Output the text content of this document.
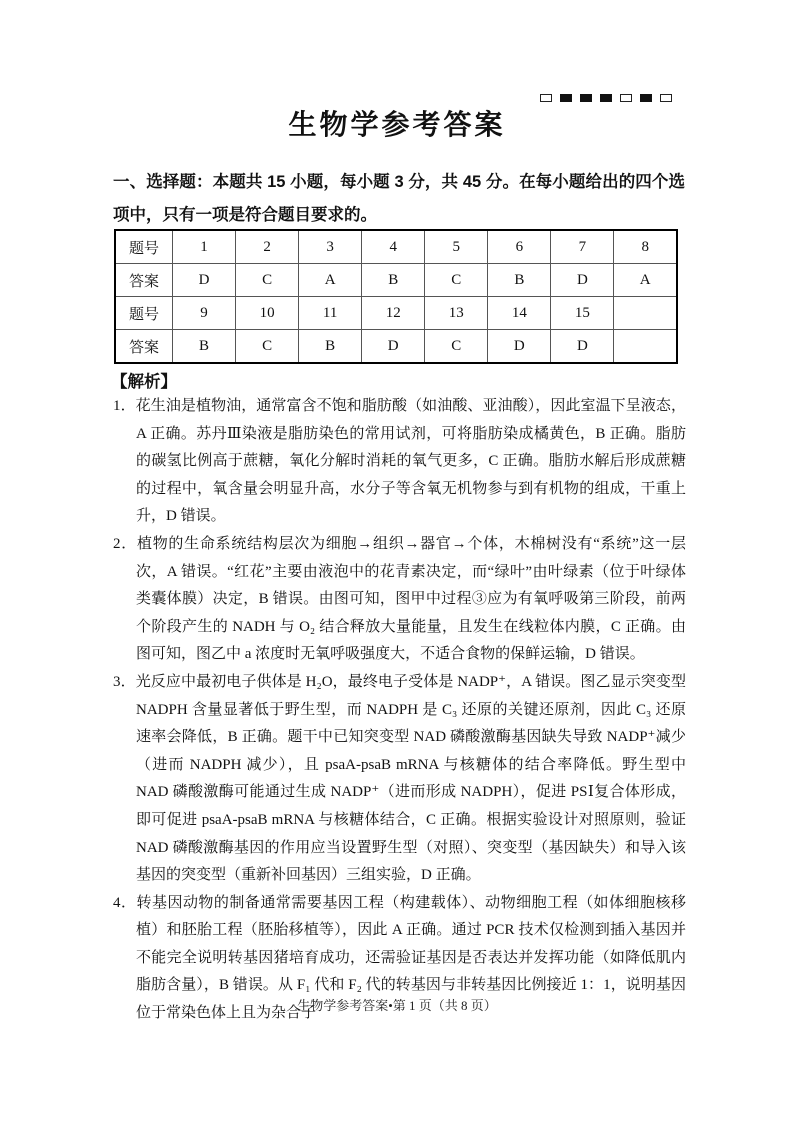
生物学参考答案
一、选择题：本题共 15 小题，每小题 3 分，共 45 分。在每小题给出的四个选项中，只有一项是符合题目要求的。
题号	1	2	3	4	5	6	7	8
答案	D	C	A	B	C	B	D	A
题号	9	10	11	12	13	14	15	
答案	B	C	B	D	C	D	D	
【解析】

1．花生油是植物油，通常富含不饱和脂肪酸（如油酸、亚油酸），因此室温下呈液态，A 正确。苏丹Ⅲ染液是脂肪染色的常用试剂，可将脂肪染成橘黄色，B 正确。脂肪的碳氢比例高于蔗糖，氧化分解时消耗的氧气更多，C 正确。脂肪水解后形成蔗糖的过程中，氧含量会明显升高，水分子等含氧无机物参与到有机物的组成，干重上升，D 错误。

2．植物的生命系统结构层次为细胞→组织→器官→个体，木棉树没有“系统”这一层次，A 错误。“红花”主要由液泡中的花青素决定，而“绿叶”由叶绿素（位于叶绿体类囊体膜）决定，B 错误。由图可知，图甲中过程③应为有氧呼吸第三阶段，前两个阶段产生的 NADH 与 O₂ 结合释放大量能量，且发生在线粒体内膜，C 正确。由图可知，图乙中 a 浓度时无氧呼吸强度大，不适合食物的保鲜运输，D 错误。

3．光反应中最初电子供体是 H₂O，最终电子受体是 NADP⁺，A 错误。图乙显示突变型 NADPH 含量显著低于野生型，而 NADPH 是 C₃ 还原的关键还原剂，因此 C₃ 还原速率会降低，B 正确。题干中已知突变型 NAD 磷酸激酶基因缺失导致 NADP⁺减少（进而 NADPH 减少），且 psaA-psaB mRNA 与核糖体的结合率降低。野生型中 NAD 磷酸激酶可能通过生成 NADP⁺（进而形成 NADPH），促进 PSⅠ复合体形成，即可促进 psaA-psaB mRNA 与核糖体结合，C 正确。根据实验设计对照原则，验证 NAD 磷酸激酶基因的作用应当设置野生型（对照）、突变型（基因缺失）和导入该基因的突变型（重新补回基因）三组实验，D 正确。

4．转基因动物的制备通常需要基因工程（构建载体）、动物细胞工程（如体细胞核移植）和胚胎工程（胚胎移植等），因此 A 正确。通过 PCR 技术仅检测到插入基因并不能完全说明转基因猪培育成功，还需验证基因是否表达并发挥功能（如降低肌内脂肪含量），B 错误。从 F₁ 代和 F₂ 代的转基因与非转基因比例接近 1：1，说明基因位于常染色体上且为杂合子

生物学参考答案•第 1 页（共 8 页）
